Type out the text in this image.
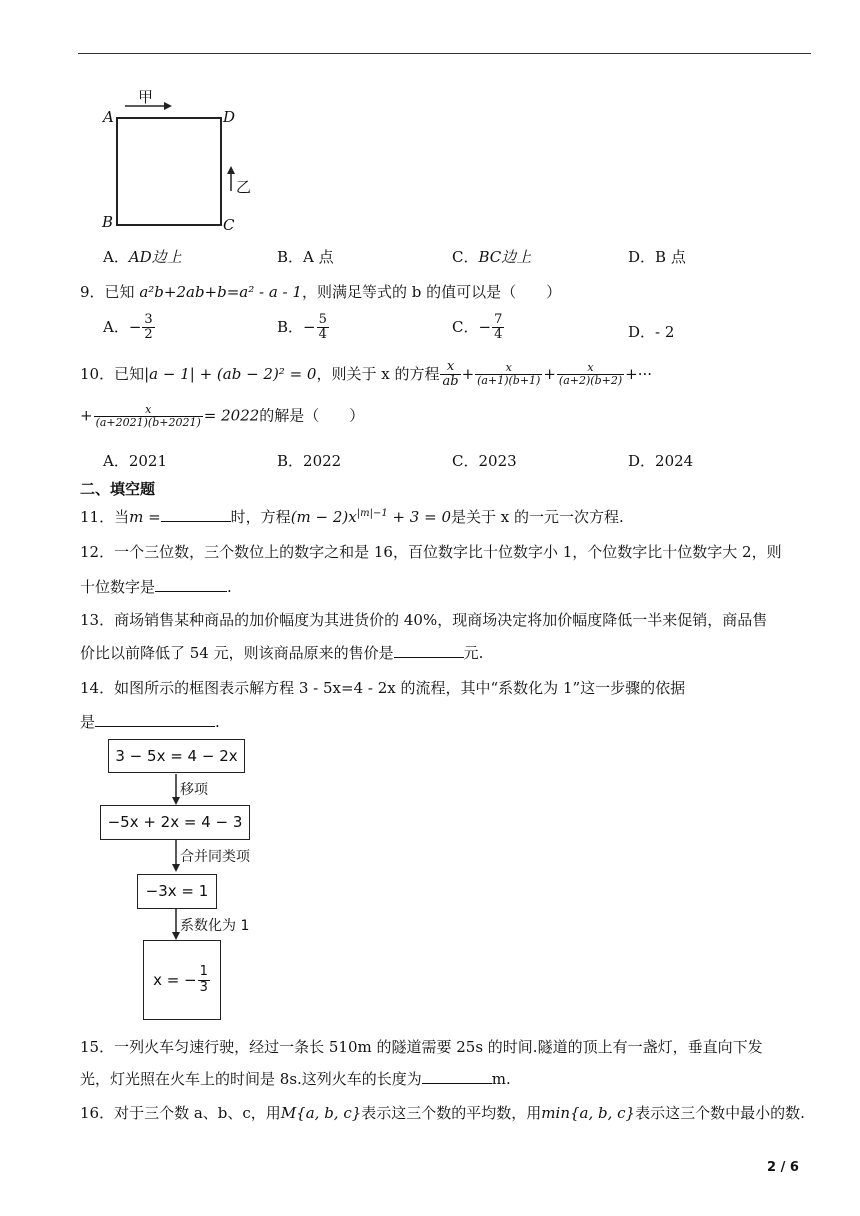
A	D
B	C
甲
乙
A．AD边上	B．A 点	C．BC边上	D．B 点
9．已知 a²b+2ab+b=a² - a - 1，则满足等式的 b 的值可以是（　　）
A．− $\frac{3}{2}$	B．− $\frac{5}{4}$	C．− $\frac{7}{4}$	D．- 2
10．已知|a − 1| + (ab − 2)² = 0，则关于 x 的方程 $\frac{x}{ab} + \frac{x}{(a+1)(b+1)} + \frac{x}{(a+2)(b+2)}$ +···
+ $\frac{x}{(a+2021)(b+2021)} = 2022$的解是（　　）
A．2021	B．2022	C．2023	D．2024
二、填空题
11．当m =	时，方程$(m - 2)x^{|m|-1} + 3 = 0$是关于 x 的一元一次方程.
12．一个三位数，三个数位上的数字之和是 16，百位数字比十位数字小 1，个位数字比十位数字大 2，则
十位数字是	.
13．商场销售某种商品的加价幅度为其进货价的 40%，现商场决定将加价幅度降低一半来促销，商品售
价比以前降低了 54 元，则该商品原来的售价是	元.
14．如图所示的框图表示解方程 3 - 5x=4 - 2x 的流程，其中“系数化为 1”这一步骤的依据
是	.
3 − 5x = 4 − 2x
移项
−5x + 2x = 4 − 3
合并同类项
−3x = 1
系数化为 1
x = − $\frac{1}{3}$
15．一列火车匀速行驶，经过一条长 510m 的隧道需要 25s 的时间.隧道的顶上有一盏灯，垂直向下发
光，灯光照在火车上的时间是 8s.这列火车的长度为	m.
16．对于三个数 a、b、c，用M{a, b, c}表示这三个数的平均数，用min{a, b, c}表示这三个数中最小的数.
2 / 6
